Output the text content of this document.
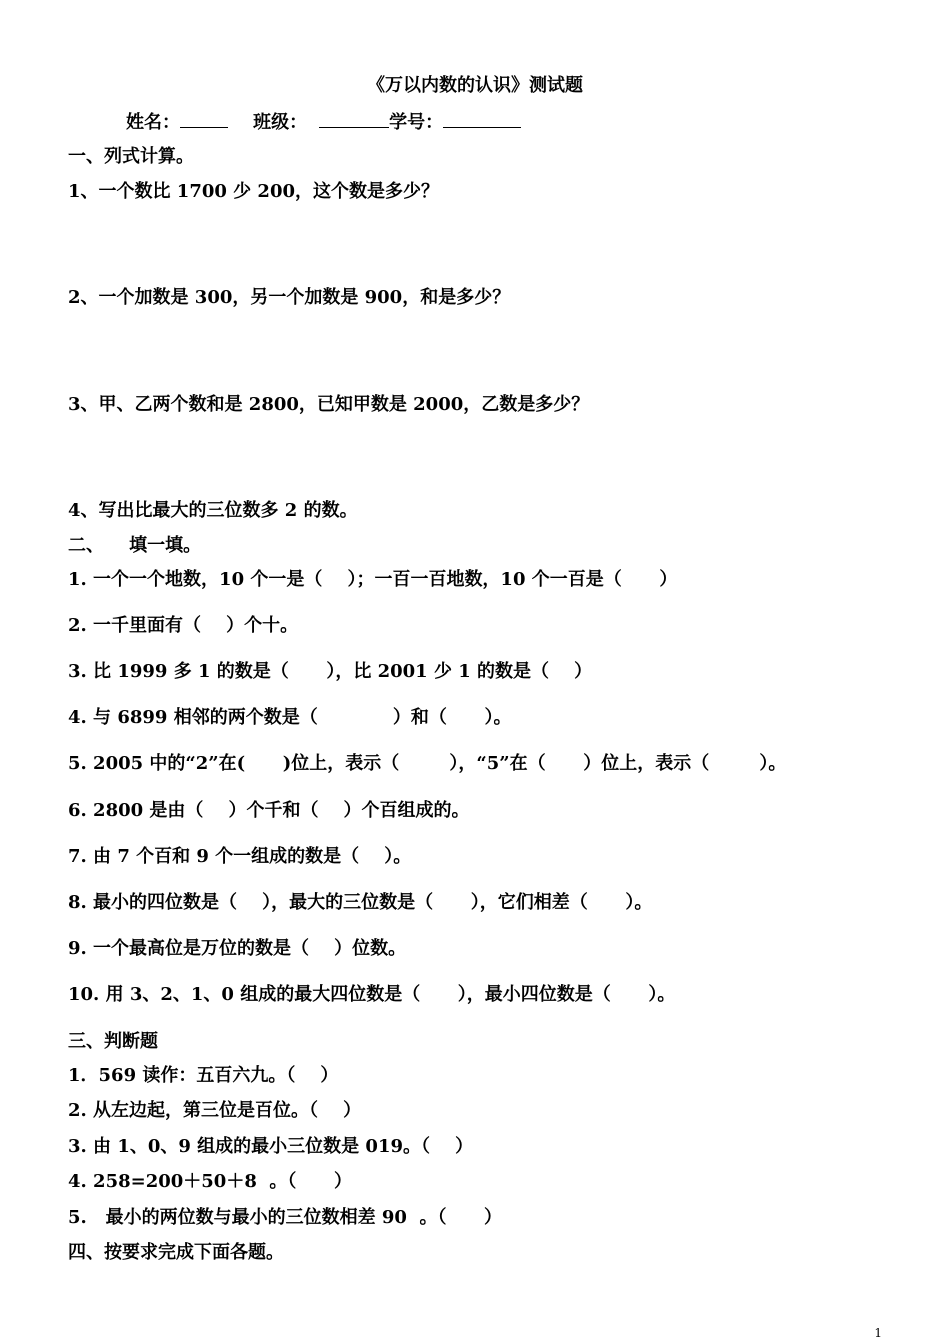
《万以内数的认识》测试题
姓名：	班级：	学号：
一、列式计算。
1、一个数比 1700 少 200，这个数是多少？
2、一个加数是 300，另一个加数是 900，和是多少？
3、甲、乙两个数和是 2800，已知甲数是 2000，乙数是多少？
4、写出比最大的三位数多 2 的数。
二、    填一填。
1. 一个一个地数，10 个一是（    ）；一百一百地数，10 个一百是（      ）
2. 一千里面有（    ）个十。
3. 比 1999 多 1 的数是（      ），比 2001 少 1 的数是（    ）
4. 与 6899 相邻的两个数是（            ）和（      ）。
5. 2005 中的“2”在(      )位上，表示（        ），“5”在（      ）位上，表示（        ）。
6. 2800 是由（    ）个千和（    ）个百组成的。
7. 由 7 个百和 9 个一组成的数是（    ）。
8. 最小的四位数是（    ），最大的三位数是（      ），它们相差（      ）。
9. 一个最高位是万位的数是（    ）位数。
10. 用 3、2、1、0 组成的最大四位数是（      ），最小四位数是（      ）。
三、判断题
1．569 读作：五百六九。（    ）
2. 从左边起，第三位是百位。（    ）
3. 由 1、0、9 组成的最小三位数是 019。（    ）
4. 258=200＋50＋8  。（      ）
5.   最小的两位数与最小的三位数相差 90  。（      ）
四、按要求完成下面各题。
1
